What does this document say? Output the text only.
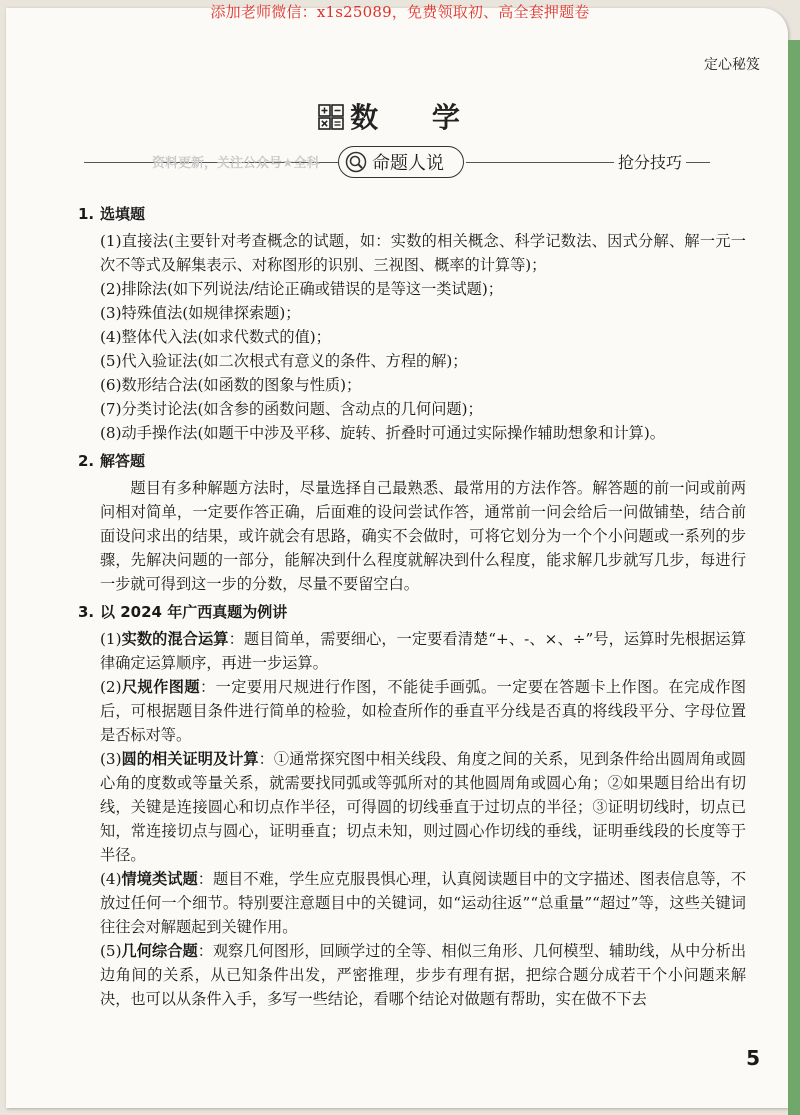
添加老师微信：x1s25089，免费领取初、高全套押题卷
定心秘笈
数 学
资料更新，关注公众号★全科	命题人说	抢分技巧
1. 选填题

(1)直接法(主要针对考查概念的试题，如：实数的相关概念、科学记数法、因式分解、解一元一次不等式及解集表示、对称图形的识别、三视图、概率的计算等)；

(2)排除法(如下列说法/结论正确或错误的是等这一类试题)；

(3)特殊值法(如规律探索题)；

(4)整体代入法(如求代数式的值)；

(5)代入验证法(如二次根式有意义的条件、方程的解)；

(6)数形结合法(如函数的图象与性质)；

(7)分类讨论法(如含参的函数问题、含动点的几何问题)；

(8)动手操作法(如题干中涉及平移、旋转、折叠时可通过实际操作辅助想象和计算)。

2. 解答题

题目有多种解题方法时，尽量选择自己最熟悉、最常用的方法作答。解答题的前一问或前两问相对简单，一定要作答正确，后面难的设问尝试作答，通常前一问会给后一问做铺垫，结合前面设问求出的结果，或许就会有思路，确实不会做时，可将它划分为一个个小问题或一系列的步骤，先解决问题的一部分，能解决到什么程度就解决到什么程度，能求解几步就写几步，每进行一步就可得到这一步的分数，尽量不要留空白。

3. 以 2024 年广西真题为例讲

(1)实数的混合运算：题目简单，需要细心，一定要看清楚“+、-、×、÷”号，运算时先根据运算律确定运算顺序，再进一步运算。

(2)尺规作图题：一定要用尺规进行作图，不能徒手画弧。一定要在答题卡上作图。在完成作图后，可根据题目条件进行简单的检验，如检查所作的垂直平分线是否真的将线段平分、字母位置是否标对等。

(3)圆的相关证明及计算：①通常探究图中相关线段、角度之间的关系，见到条件给出圆周角或圆心角的度数或等量关系，就需要找同弧或等弧所对的其他圆周角或圆心角；②如果题目给出有切线，关键是连接圆心和切点作半径，可得圆的切线垂直于过切点的半径；③证明切线时，切点已知，常连接切点与圆心，证明垂直；切点未知，则过圆心作切线的垂线，证明垂线段的长度等于半径。

(4)情境类试题：题目不难，学生应克服畏惧心理，认真阅读题目中的文字描述、图表信息等，不放过任何一个细节。特别要注意题目中的关键词，如“运动往返”“总重量”“超过”等，这些关键词往往会对解题起到关键作用。

(5)几何综合题：观察几何图形，回顾学过的全等、相似三角形、几何模型、辅助线，从中分析出边角间的关系，从已知条件出发，严密推理，步步有理有据，把综合题分成若干个小问题来解决，也可以从条件入手，多写一些结论，看哪个结论对做题有帮助，实在做不下去

5
